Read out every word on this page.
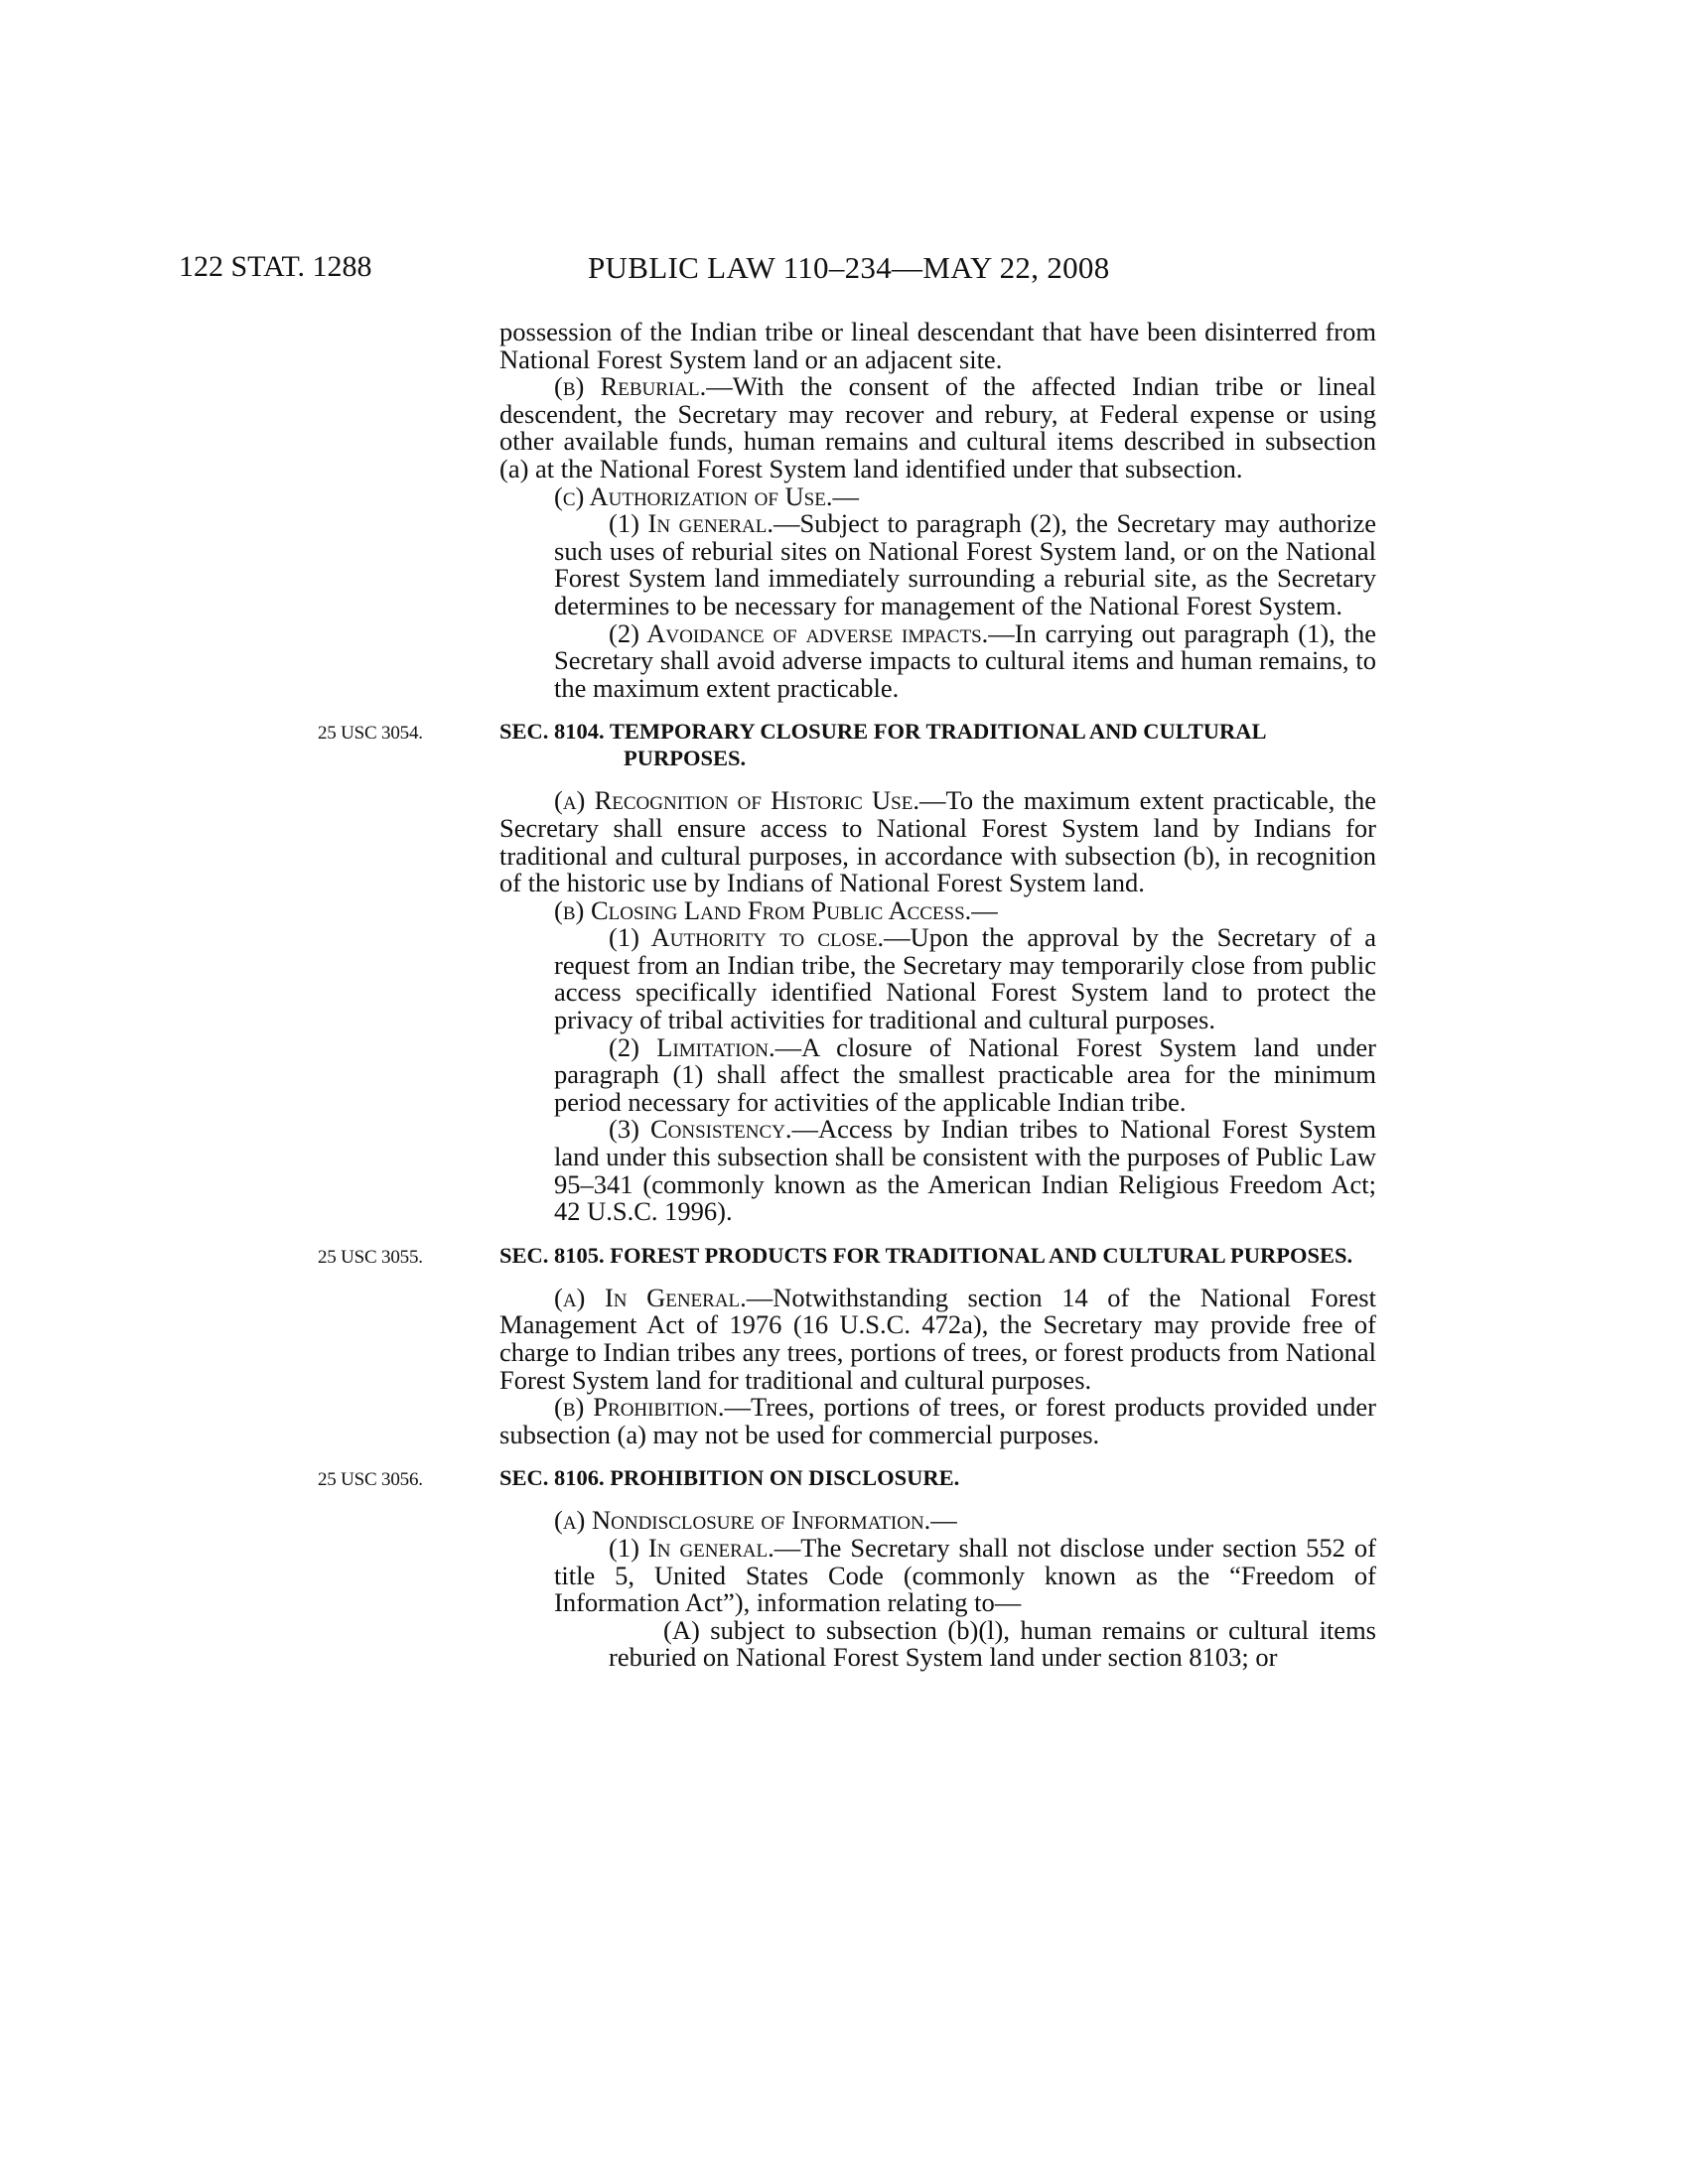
122 STAT. 1288	PUBLIC LAW 110–234—MAY 22, 2008

possession of the Indian tribe or lineal descendant that have been disinterred from National Forest System land or an adjacent site.

(b) Reburial.—With the consent of the affected Indian tribe or lineal descendent, the Secretary may recover and rebury, at Federal expense or using other available funds, human remains and cultural items described in subsection (a) at the National Forest System land identified under that subsection.

(c) Authorization of Use.—

(1) In general.—Subject to paragraph (2), the Secretary may authorize such uses of reburial sites on National Forest System land, or on the National Forest System land immediately surrounding a reburial site, as the Secretary determines to be necessary for management of the National Forest System.

(2) Avoidance of adverse impacts.—In carrying out paragraph (1), the Secretary shall avoid adverse impacts to cultural items and human remains, to the maximum extent practicable.

25 USC 3054.	SEC. 8104. TEMPORARY CLOSURE FOR TRADITIONAL AND CULTURAL PURPOSES.

(a) Recognition of Historic Use.—To the maximum extent practicable, the Secretary shall ensure access to National Forest System land by Indians for traditional and cultural purposes, in accordance with subsection (b), in recognition of the historic use by Indians of National Forest System land.

(b) Closing Land From Public Access.—

(1) Authority to close.—Upon the approval by the Secretary of a request from an Indian tribe, the Secretary may temporarily close from public access specifically identified National Forest System land to protect the privacy of tribal activities for traditional and cultural purposes.

(2) Limitation.—A closure of National Forest System land under paragraph (1) shall affect the smallest practicable area for the minimum period necessary for activities of the applicable Indian tribe.

(3) Consistency.—Access by Indian tribes to National Forest System land under this subsection shall be consistent with the purposes of Public Law 95–341 (commonly known as the American Indian Religious Freedom Act; 42 U.S.C. 1996).

25 USC 3055.	SEC. 8105. FOREST PRODUCTS FOR TRADITIONAL AND CULTURAL PURPOSES.

(a) In General.—Notwithstanding section 14 of the National Forest Management Act of 1976 (16 U.S.C. 472a), the Secretary may provide free of charge to Indian tribes any trees, portions of trees, or forest products from National Forest System land for traditional and cultural purposes.

(b) Prohibition.—Trees, portions of trees, or forest products provided under subsection (a) may not be used for commercial purposes.

25 USC 3056.	SEC. 8106. PROHIBITION ON DISCLOSURE.

(a) Nondisclosure of Information.—

(1) In general.—The Secretary shall not disclose under section 552 of title 5, United States Code (commonly known as the “Freedom of Information Act”), information relating to—

(A) subject to subsection (b)(l), human remains or cultural items reburied on National Forest System land under section 8103; or
